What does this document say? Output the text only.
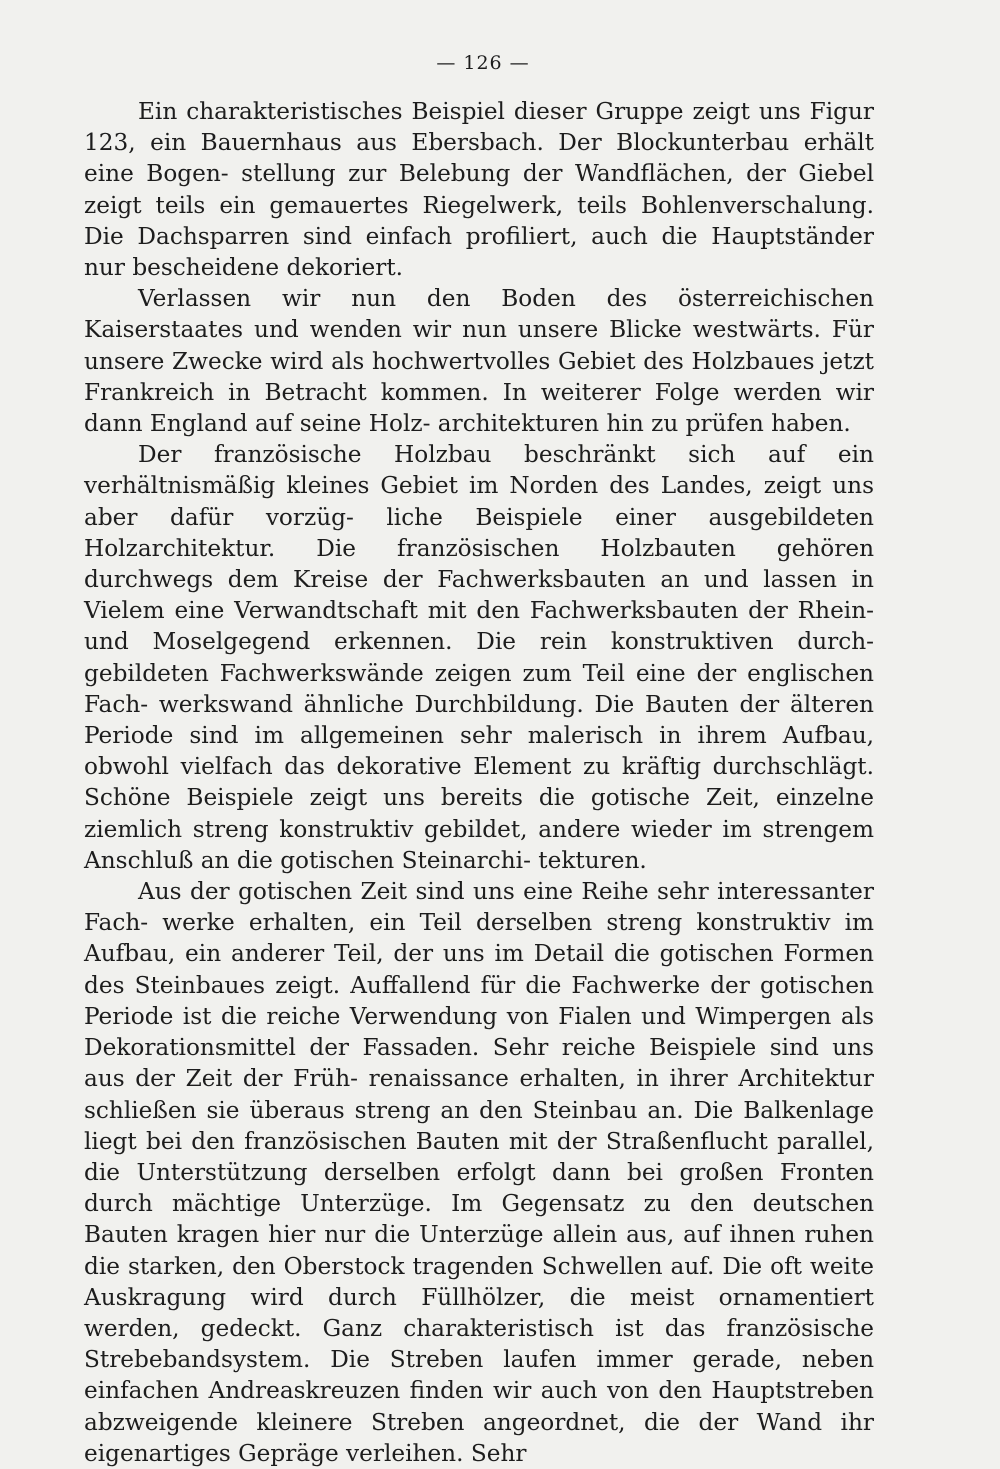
— 126 —

Ein charakteristisches Beispiel dieser Gruppe zeigt uns Figur 123, ein Bauernhaus aus Ebersbach. Der Blockunterbau erhält eine Bogen- stellung zur Belebung der Wandflächen, der Giebel zeigt teils ein gemauertes Riegelwerk, teils Bohlenverschalung. Die Dachsparren sind einfach profiliert, auch die Hauptständer nur bescheidene dekoriert.

Verlassen wir nun den Boden des österreichischen Kaiserstaates und wenden wir nun unsere Blicke westwärts. Für unsere Zwecke wird als hochwertvolles Gebiet des Holzbaues jetzt Frankreich in Betracht kommen. In weiterer Folge werden wir dann England auf seine Holz- architekturen hin zu prüfen haben.

Der französische Holzbau beschränkt sich auf ein verhältnismäßig kleines Gebiet im Norden des Landes, zeigt uns aber dafür vorzüg- liche Beispiele einer ausgebildeten Holzarchitektur. Die französischen Holzbauten gehören durchwegs dem Kreise der Fachwerksbauten an und lassen in Vielem eine Verwandtschaft mit den Fachwerksbauten der Rhein- und Moselgegend erkennen. Die rein konstruktiven durch- gebildeten Fachwerkswände zeigen zum Teil eine der englischen Fach- werkswand ähnliche Durchbildung. Die Bauten der älteren Periode sind im allgemeinen sehr malerisch in ihrem Aufbau, obwohl vielfach das dekorative Element zu kräftig durchschlägt. Schöne Beispiele zeigt uns bereits die gotische Zeit, einzelne ziemlich streng konstruktiv gebildet, andere wieder im strengem Anschluß an die gotischen Steinarchi- tekturen.

Aus der gotischen Zeit sind uns eine Reihe sehr interessanter Fach- werke erhalten, ein Teil derselben streng konstruktiv im Aufbau, ein anderer Teil, der uns im Detail die gotischen Formen des Steinbaues zeigt. Auffallend für die Fachwerke der gotischen Periode ist die reiche Verwendung von Fialen und Wimpergen als Dekorationsmittel der Fassaden. Sehr reiche Beispiele sind uns aus der Zeit der Früh- renaissance erhalten, in ihrer Architektur schließen sie überaus streng an den Steinbau an. Die Balkenlage liegt bei den französischen Bauten mit der Straßenflucht parallel, die Unterstützung derselben erfolgt dann bei großen Fronten durch mächtige Unterzüge. Im Gegensatz zu den deutschen Bauten kragen hier nur die Unterzüge allein aus, auf ihnen ruhen die starken, den Oberstock tragenden Schwellen auf. Die oft weite Auskragung wird durch Füllhölzer, die meist ornamentiert werden, gedeckt. Ganz charakteristisch ist das französische Strebebandsystem. Die Streben laufen immer gerade, neben einfachen Andreaskreuzen finden wir auch von den Hauptstreben abzweigende kleinere Streben angeordnet, die der Wand ihr eigenartiges Gepräge verleihen. Sehr
